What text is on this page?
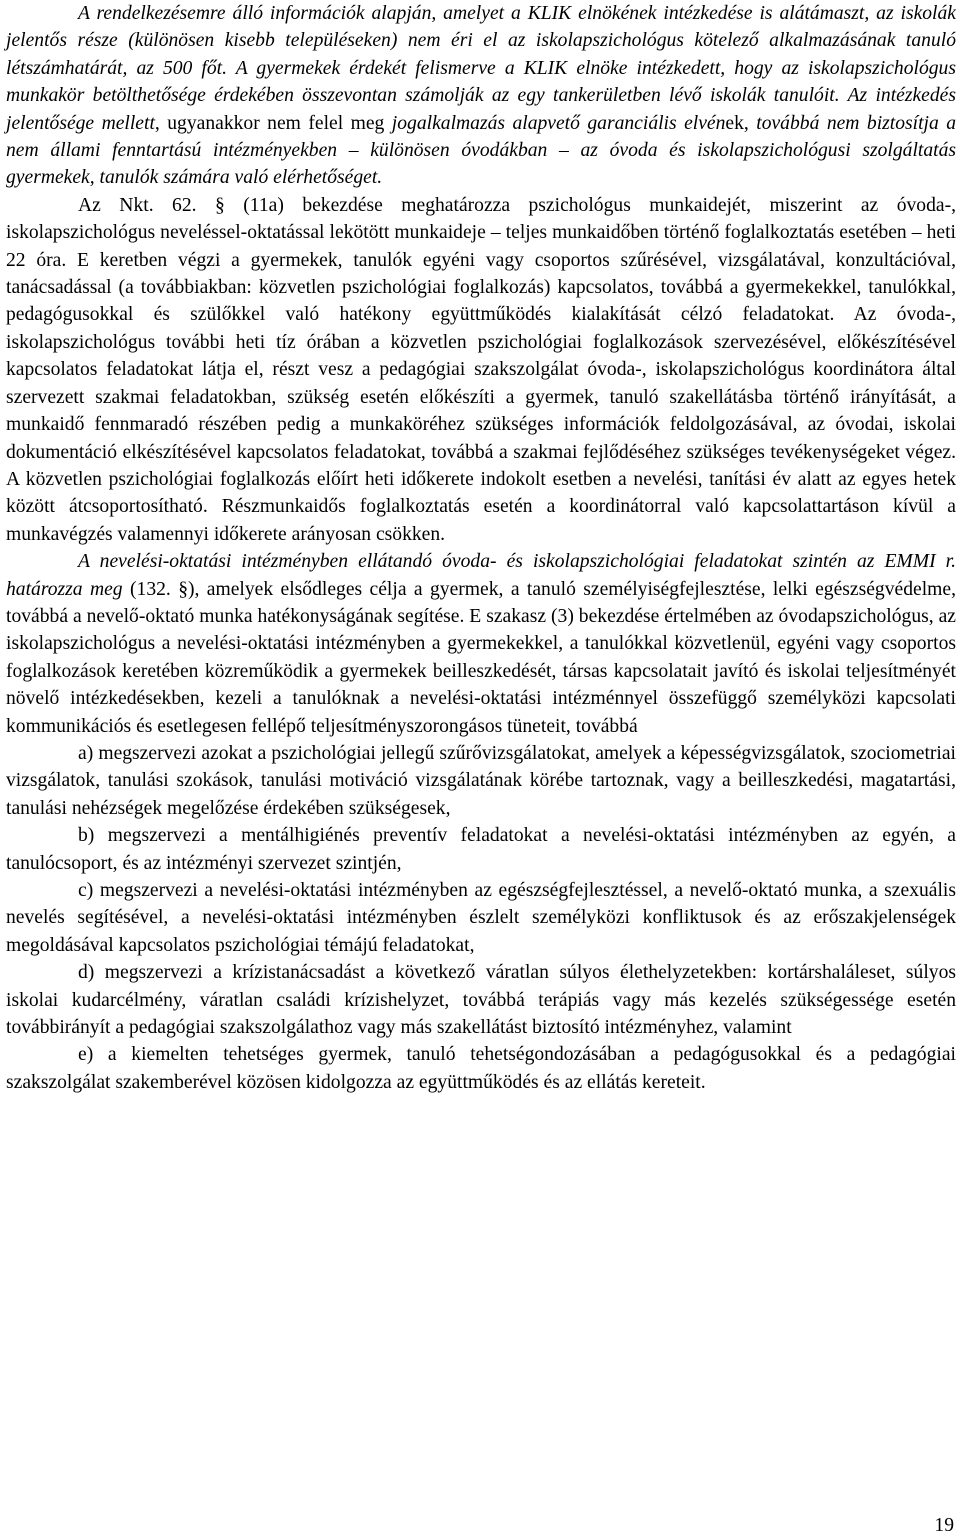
A rendelkezésemre álló információk alapján, amelyet a KLIK elnökének intézkedése is alátámaszt, az iskolák jelentős része (különösen kisebb településeken) nem éri el az iskolapszichológus kötelező alkalmazásának tanuló létszámhatárát, az 500 főt. A gyermekek érdekét felismerve a KLIK elnöke intézkedett, hogy az iskolapszichológus munkakör betölthetősége érdekében összevontan számolják az egy tankerületben lévő iskolák tanulóit. Az intézkedés jelentősége mellett, ugyanakkor nem felel meg jogalkalmazás alapvető garanciális elvének, továbbá nem biztosítja a nem állami fenntartású intézményekben – különösen óvodákban – az óvoda és iskolapszichológusi szolgáltatás gyermekek, tanulók számára való elérhetőséget.

Az Nkt. 62. § (11a) bekezdése meghatározza pszichológus munkaidejét, miszerint az óvoda-, iskolapszichológus neveléssel-oktatással lekötött munkaideje – teljes munkaidőben történő foglalkoztatás esetében – heti 22 óra. E keretben végzi a gyermekek, tanulók egyéni vagy csoportos szűrésével, vizsgálatával, konzultációval, tanácsadással (a továbbiakban: közvetlen pszichológiai foglalkozás) kapcsolatos, továbbá a gyermekekkel, tanulókkal, pedagógusokkal és szülőkkel való hatékony együttműködés kialakítását célzó feladatokat. Az óvoda-, iskolapszichológus további heti tíz órában a közvetlen pszichológiai foglalkozások szervezésével, előkészítésével kapcsolatos feladatokat látja el, részt vesz a pedagógiai szakszolgálat óvoda-, iskolapszichológus koordinátora által szervezett szakmai feladatokban, szükség esetén előkészíti a gyermek, tanuló szakellátásba történő irányítását, a munkaidő fennmaradó részében pedig a munkaköréhez szükséges információk feldolgozásával, az óvodai, iskolai dokumentáció elkészítésével kapcsolatos feladatokat, továbbá a szakmai fejlődéséhez szükséges tevékenységeket végez. A közvetlen pszichológiai foglalkozás előírt heti időkerete indokolt esetben a nevelési, tanítási év alatt az egyes hetek között átcsoportosítható. Részmunkaidős foglalkoztatás esetén a koordinátorral való kapcsolattartáson kívül a munkavégzés valamennyi időkerete arányosan csökken.

A nevelési-oktatási intézményben ellátandó óvoda- és iskolapszichológiai feladatokat szintén az EMMI r. határozza meg (132. §), amelyek elsődleges célja a gyermek, a tanuló személyiségfejlesztése, lelki egészségvédelme, továbbá a nevelő-oktató munka hatékonyságának segítése. E szakasz (3) bekezdése értelmében az óvodapszichológus, az iskolapszichológus a nevelési-oktatási intézményben a gyermekekkel, a tanulókkal közvetlenül, egyéni vagy csoportos foglalkozások keretében közreműködik a gyermekek beilleszkedését, társas kapcsolatait javító és iskolai teljesítményét növelő intézkedésekben, kezeli a tanulóknak a nevelési-oktatási intézménnyel összefüggő személyközi kapcsolati kommunikációs és esetlegesen fellépő teljesítményszorongásos tüneteit, továbbá

a) megszervezi azokat a pszichológiai jellegű szűrővizsgálatokat, amelyek a képességvizsgálatok, szociometriai vizsgálatok, tanulási szokások, tanulási motiváció vizsgálatának körébe tartoznak, vagy a beilleszkedési, magatartási, tanulási nehézségek megelőzése érdekében szükségesek,

b) megszervezi a mentálhigiénés preventív feladatokat a nevelési-oktatási intézményben az egyén, a tanulócsoport, és az intézményi szervezet szintjén,

c) megszervezi a nevelési-oktatási intézményben az egészségfejlesztéssel, a nevelő-oktató munka, a szexuális nevelés segítésével, a nevelési-oktatási intézményben észlelt személyközi konfliktusok és az erőszakjelenségek megoldásával kapcsolatos pszichológiai témájú feladatokat,

d) megszervezi a krízistanácsadást a következő váratlan súlyos élethelyzetekben: kortárshaláleset, súlyos iskolai kudarcélmény, váratlan családi krízishelyzet, továbbá terápiás vagy más kezelés szükségessége esetén továbbirányít a pedagógiai szakszolgálathoz vagy más szakellátást biztosító intézményhez, valamint

e) a kiemelten tehetséges gyermek, tanuló tehetségondozásában a pedagógusokkal és a pedagógiai szakszolgálat szakemberével közösen kidolgozza az együttműködés és az ellátás kereteit.

19
